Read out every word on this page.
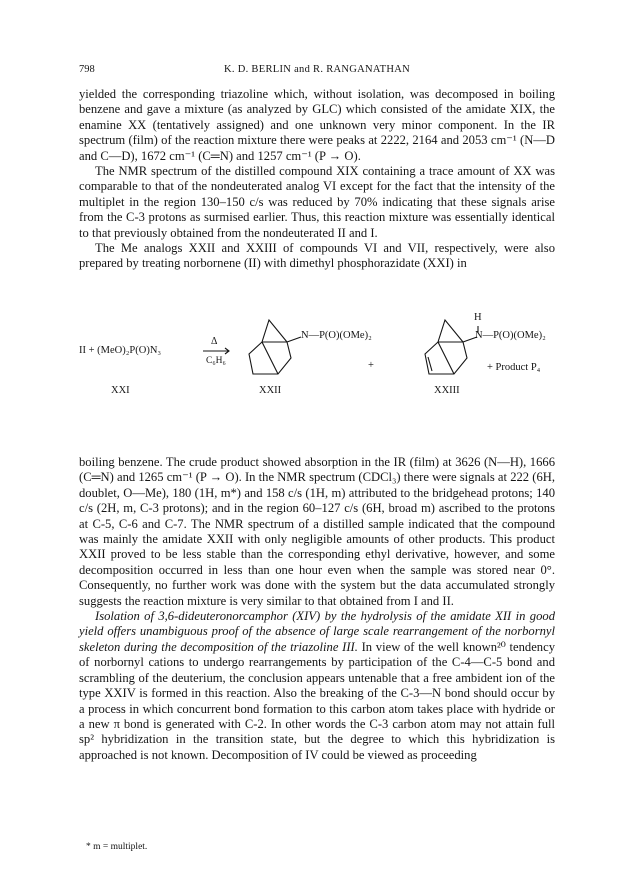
798	K. D. BERLIN and R. RANGANATHAN

yielded the corresponding triazoline which, without isolation, was decomposed in boiling benzene and gave a mixture (as analyzed by GLC) which consisted of the amidate XIX, the enamine XX (tentatively assigned) and one unknown very minor component. In the IR spectrum (film) of the reaction mixture there were peaks at 2222, 2164 and 2053 cm⁻¹ (N—D and C—D), 1672 cm⁻¹ (C═N) and 1257 cm⁻¹ (P → O).

The NMR spectrum of the distilled compound XIX containing a trace amount of XX was comparable to that of the nondeuterated analog VI except for the fact that the intensity of the multiplet in the region 130–150 c/s was reduced by 70% indicating that these signals arise from the C-3 protons as surmised earlier. Thus, this reaction mixture was essentially identical to that previously obtained from the nondeuterated II and I.

The Me analogs XXII and XXIII of compounds VI and VII, respectively, were also prepared by treating norbornene (II) with dimethyl phosphorazidate (XXI) in

II + (MeO)₂P(O)N₃
Δ
C₆H₆
N—P(O)(OMe)₂
+
H
N—P(O)(OMe)₂
+ Product P₄
XXI	XXII	XXIII

boiling benzene. The crude product showed absorption in the IR (film) at 3626 (N—H), 1666 (C═N) and 1265 cm⁻¹ (P → O). In the NMR spectrum (CDCl₃) there were signals at 222 (6H, doublet, O—Me), 180 (1H, m*) and 158 c/s (1H, m) attributed to the bridgehead protons; 140 c/s (2H, m, C-3 protons); and in the region 60–127 c/s (6H, broad m) ascribed to the protons at C-5, C-6 and C-7. The NMR spectrum of a distilled sample indicated that the compound was mainly the amidate XXII with only negligible amounts of other products. This product XXII proved to be less stable than the corresponding ethyl derivative, however, and some decomposition occurred in less than one hour even when the sample was stored near 0°. Consequently, no further work was done with the system but the data accumulated strongly suggests the reaction mixture is very similar to that obtained from I and II.

Isolation of 3,6-dideuteronorcamphor (XIV) by the hydrolysis of the amidate XII in good yield offers unambiguous proof of the absence of large scale rearrangement of the norbornyl skeleton during the decomposition of the triazoline III. In view of the well known²⁰ tendency of norbornyl cations to undergo rearrangements by participation of the C-4—C-5 bond and scrambling of the deuterium, the conclusion appears untenable that a free ambident ion of the type XXIV is formed in this reaction. Also the breaking of the C-3—N bond should occur by a process in which concurrent bond formation to this carbon atom takes place with hydride or a new π bond is generated with C-2. In other words the C-3 carbon atom may not attain full sp² hybridization in the transition state, but the degree to which this hybridization is approached is not known. Decomposition of IV could be viewed as proceeding

* m = multiplet.
